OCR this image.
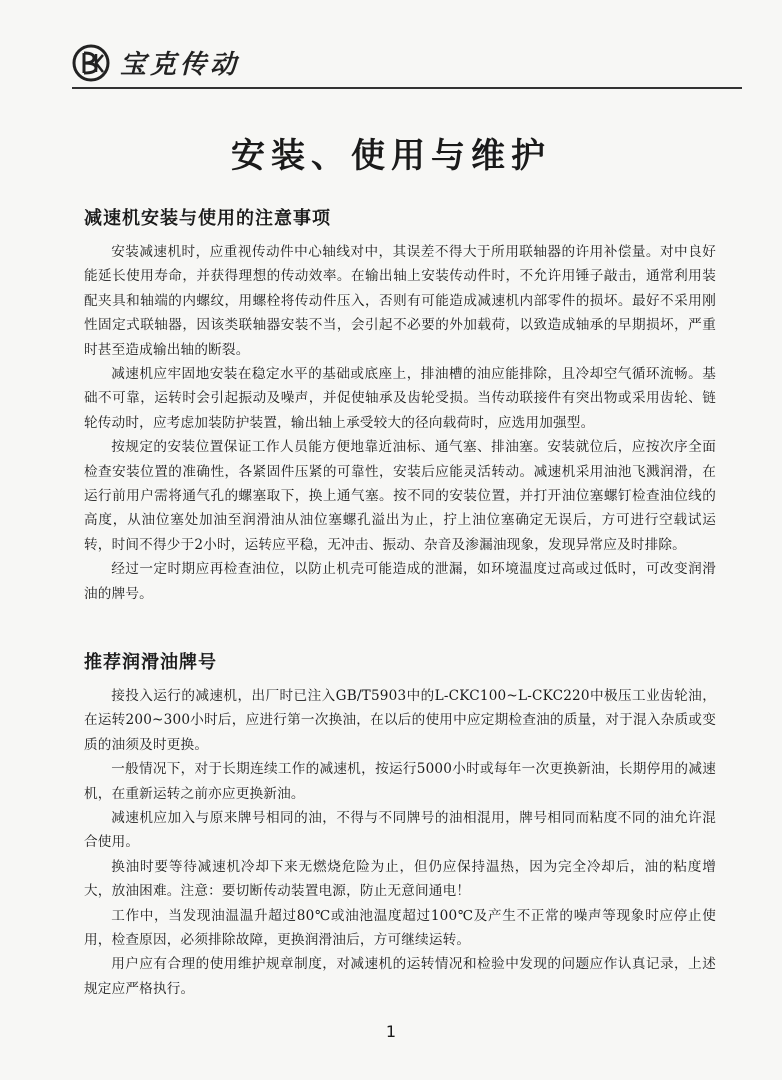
宝克传动
安装、使用与维护
减速机安装与使用的注意事项

安装减速机时，应重视传动件中心轴线对中，其误差不得大于所用联轴器的许用补偿量。对中良好能延长使用寿命，并获得理想的传动效率。在输出轴上安装传动件时，不允许用锤子敲击，通常利用装配夹具和轴端的内螺纹，用螺栓将传动件压入，否则有可能造成减速机内部零件的损坏。最好不采用刚性固定式联轴器，因该类联轴器安装不当，会引起不必要的外加载荷，以致造成轴承的早期损坏，严重时甚至造成输出轴的断裂。

减速机应牢固地安装在稳定水平的基础或底座上，排油槽的油应能排除，且冷却空气循环流畅。基础不可靠，运转时会引起振动及噪声，并促使轴承及齿轮受损。当传动联接件有突出物或采用齿轮、链轮传动时，应考虑加装防护装置，输出轴上承受较大的径向载荷时，应选用加强型。

按规定的安装位置保证工作人员能方便地靠近油标、通气塞、排油塞。安装就位后，应按次序全面检查安装位置的准确性，各紧固件压紧的可靠性，安装后应能灵活转动。减速机采用油池飞溅润滑，在运行前用户需将通气孔的螺塞取下，换上通气塞。按不同的安装位置，并打开油位塞螺钉检查油位线的高度，从油位塞处加油至润滑油从油位塞螺孔溢出为止，拧上油位塞确定无误后，方可进行空载试运转，时间不得少于2小时，运转应平稳，无冲击、振动、杂音及渗漏油现象，发现异常应及时排除。

经过一定时期应再检查油位，以防止机壳可能造成的泄漏，如环境温度过高或过低时，可改变润滑油的牌号。

推荐润滑油牌号

接投入运行的减速机，出厂时已注入GB/T5903中的L-CKC100~L-CKC220中极压工业齿轮油，在运转200~300小时后，应进行第一次换油，在以后的使用中应定期检查油的质量，对于混入杂质或变质的油须及时更换。

一般情况下，对于长期连续工作的减速机，按运行5000小时或每年一次更换新油，长期停用的减速机，在重新运转之前亦应更换新油。

减速机应加入与原来牌号相同的油，不得与不同牌号的油相混用，牌号相同而粘度不同的油允许混合使用。

换油时要等待减速机冷却下来无燃烧危险为止，但仍应保持温热，因为完全冷却后，油的粘度增大，放油困难。注意：要切断传动装置电源，防止无意间通电！

工作中，当发现油温温升超过80℃或油池温度超过100℃及产生不正常的噪声等现象时应停止使用，检查原因，必须排除故障，更换润滑油后，方可继续运转。

用户应有合理的使用维护规章制度，对减速机的运转情况和检验中发现的问题应作认真记录，上述规定应严格执行。

1
